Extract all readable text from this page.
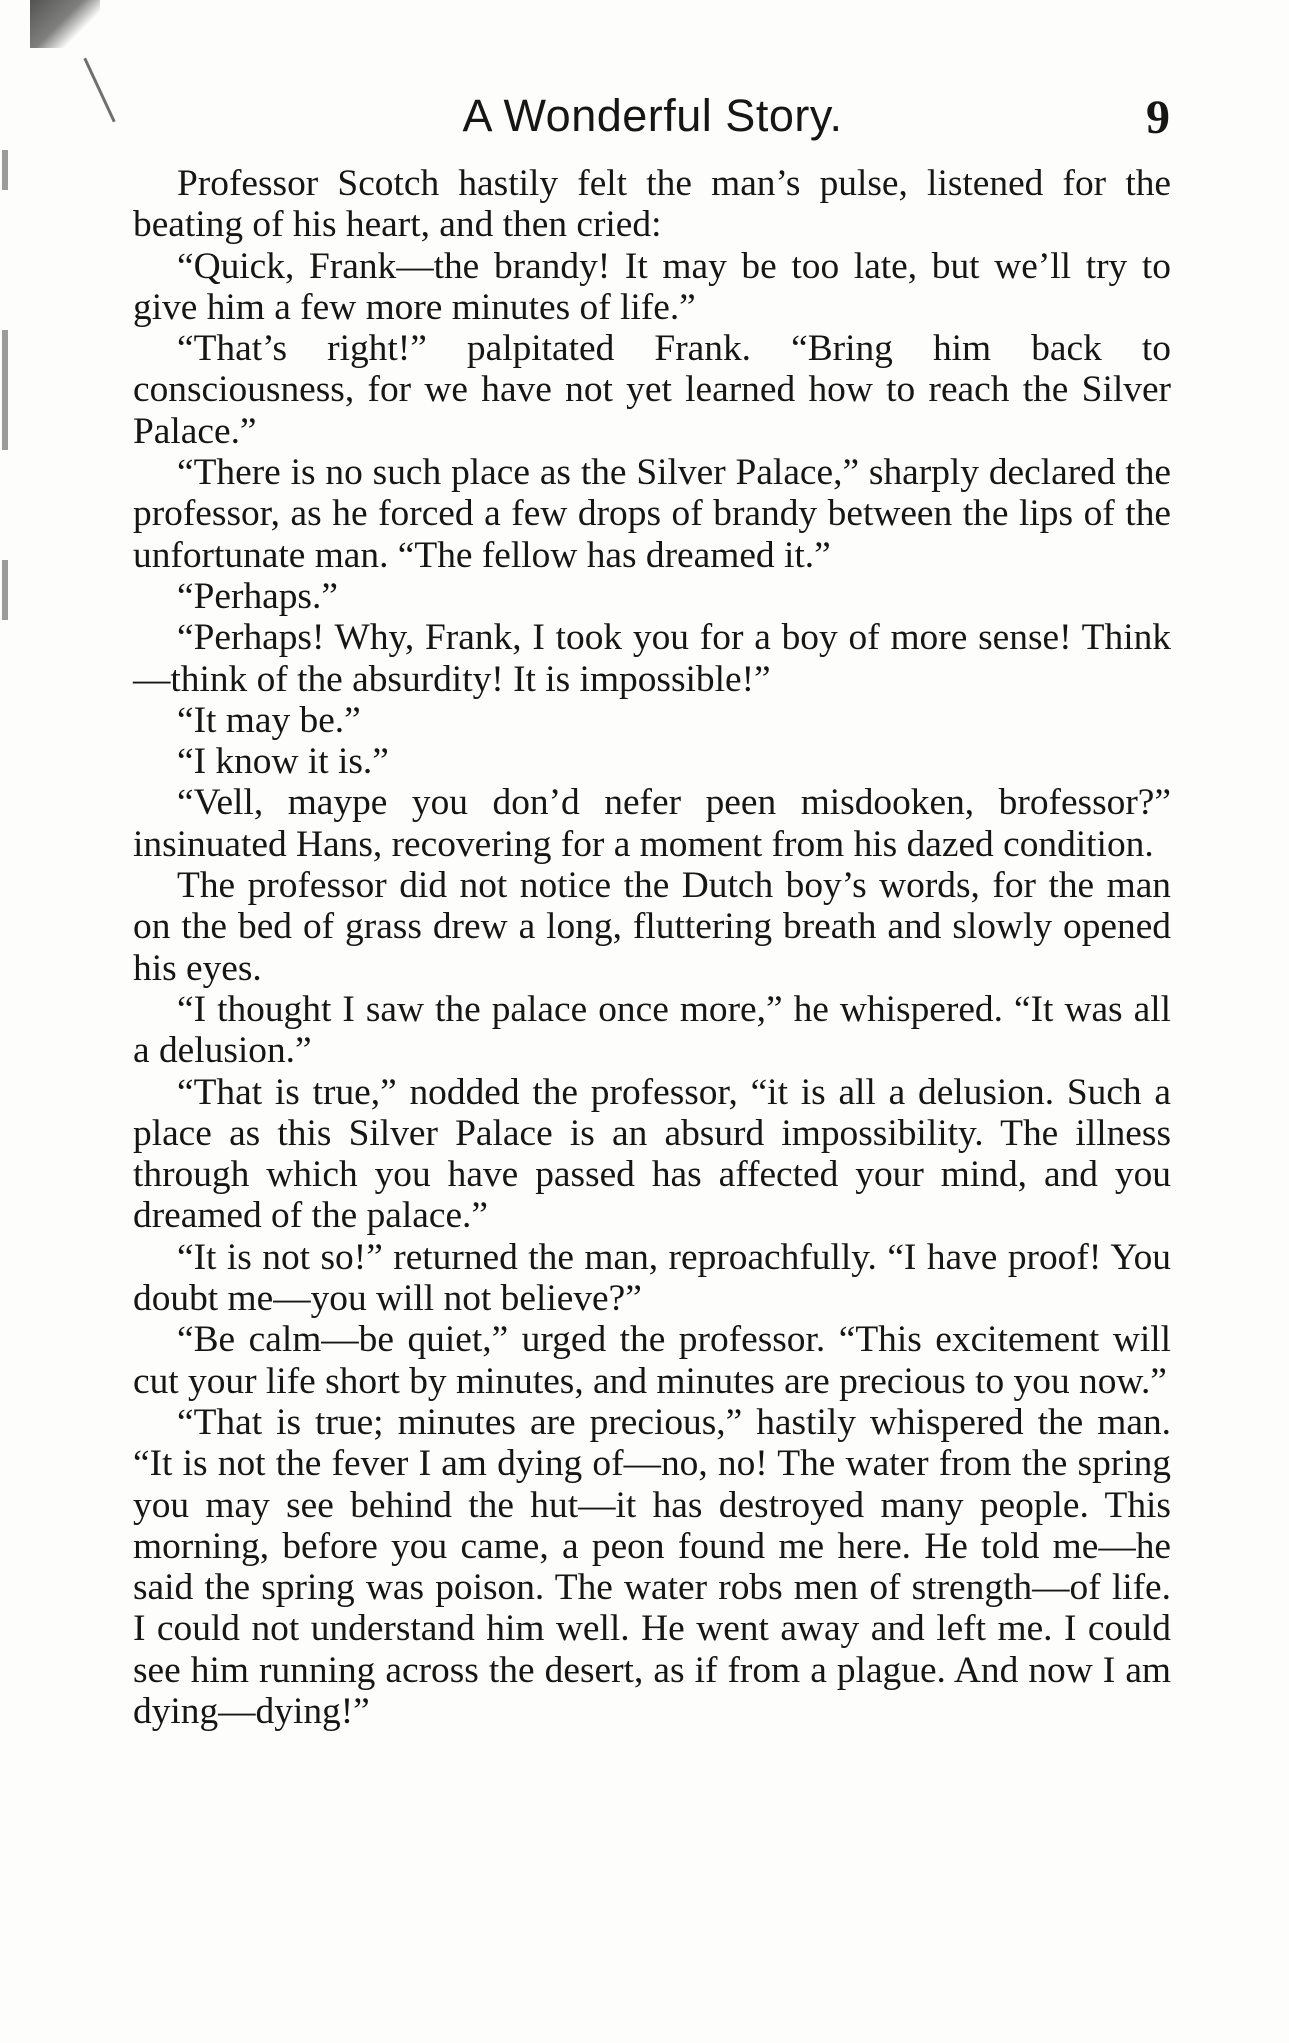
A Wonderful Story.	9

Professor Scotch hastily felt the man’s pulse, listened for the beating of his heart, and then cried:

“Quick, Frank—the brandy! It may be too late, but we’ll try to give him a few more minutes of life.”

“That’s right!” palpitated Frank. “Bring him back to consciousness, for we have not yet learned how to reach the Silver Palace.”

“There is no such place as the Silver Palace,” sharply declared the professor, as he forced a few drops of brandy between the lips of the unfortunate man. “The fellow has dreamed it.”

“Perhaps.”

“Perhaps! Why, Frank, I took you for a boy of more sense! Think—think of the absurdity! It is impossible!”

“It may be.”

“I know it is.”

“Vell, maype you don’d nefer peen misdooken, brofessor?” insinuated Hans, recovering for a moment from his dazed condition.

The professor did not notice the Dutch boy’s words, for the man on the bed of grass drew a long, fluttering breath and slowly opened his eyes.

“I thought I saw the palace once more,” he whispered. “It was all a delusion.”

“That is true,” nodded the professor, “it is all a delusion. Such a place as this Silver Palace is an absurd impossibility. The illness through which you have passed has affected your mind, and you dreamed of the palace.”

“It is not so!” returned the man, reproachfully. “I have proof! You doubt me—you will not believe?”

“Be calm—be quiet,” urged the professor. “This excitement will cut your life short by minutes, and minutes are precious to you now.”

“That is true; minutes are precious,” hastily whispered the man. “It is not the fever I am dying of—no, no! The water from the spring you may see behind the hut—it has destroyed many people. This morning, before you came, a peon found me here. He told me—he said the spring was poison. The water robs men of strength—of life. I could not understand him well. He went away and left me. I could see him running across the desert, as if from a plague. And now I am dying—dying!”
